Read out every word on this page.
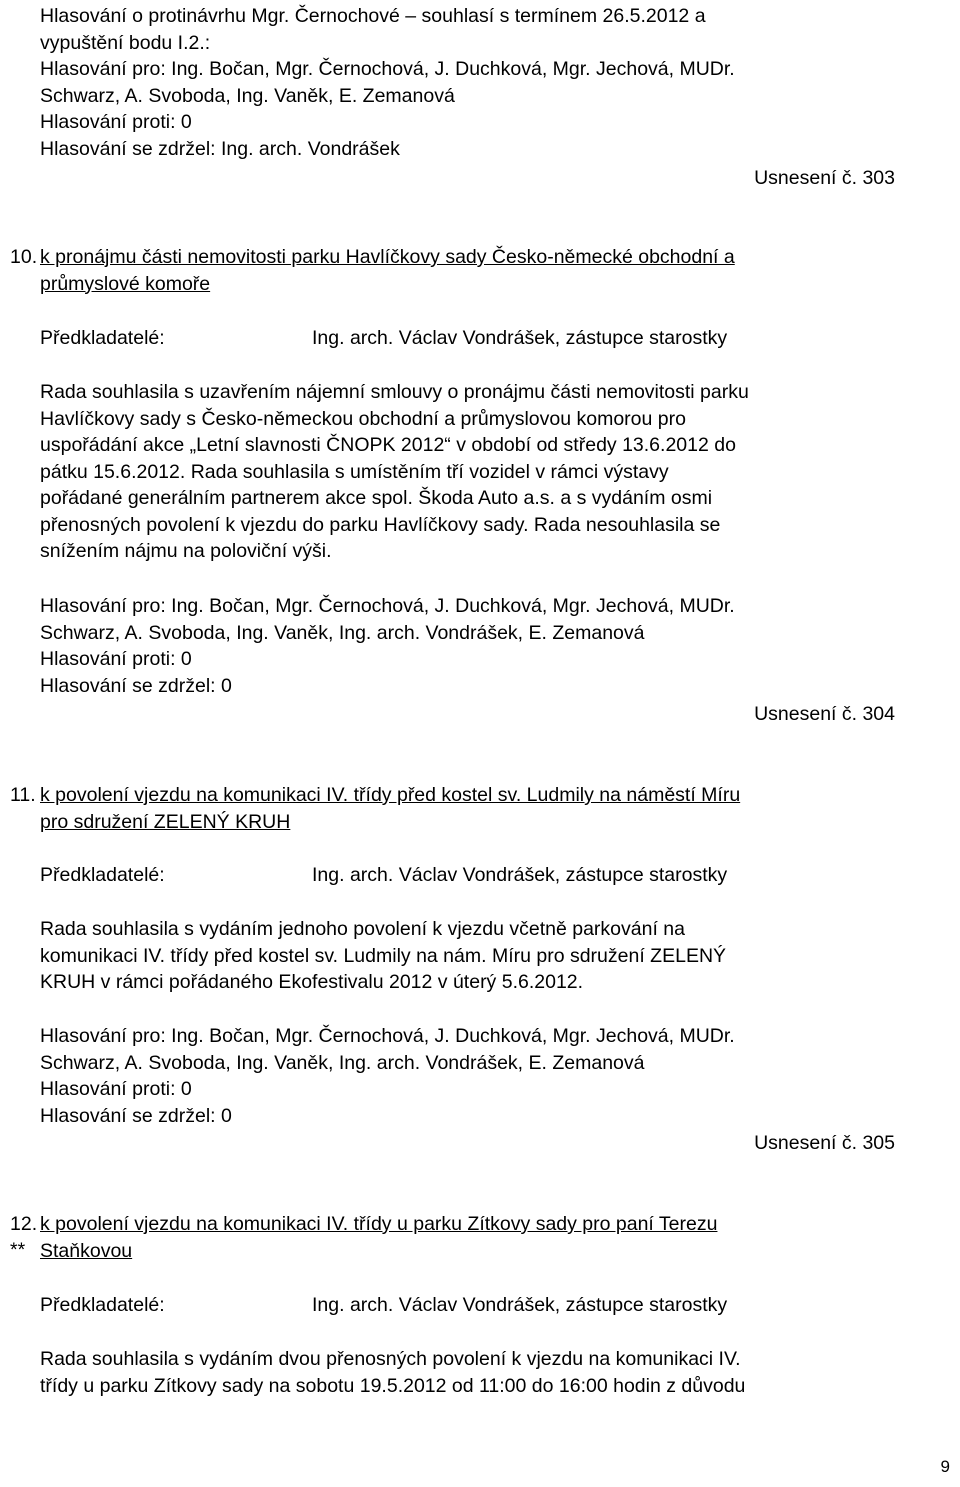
Hlasování o protinávrhu Mgr. Černochové – souhlasí s termínem 26.5.2012 a
vypuštění bodu I.2.:
Hlasování pro: Ing. Bočan, Mgr. Černochová, J. Duchková, Mgr. Jechová, MUDr.
Schwarz, A. Svoboda, Ing. Vaněk, E. Zemanová
Hlasování proti: 0
Hlasování se zdržel: Ing. arch. Vondrášek
Usnesení č. 303
10. k pronájmu části nemovitosti parku Havlíčkovy sady Česko-německé obchodní a
průmyslové komoře
Předkladatelé:	Ing. arch. Václav Vondrášek, zástupce starostky
Rada souhlasila s uzavřením nájemní smlouvy o pronájmu části nemovitosti parku
Havlíčkovy sady s Česko-německou obchodní a průmyslovou komorou pro
uspořádání akce „Letní slavnosti ČNOPK 2012“ v období od středy 13.6.2012 do
pátku 15.6.2012. Rada souhlasila s umístěním tří vozidel v rámci výstavy
pořádané generálním partnerem akce spol. Škoda Auto a.s. a s vydáním osmi
přenosných povolení k vjezdu do parku Havlíčkovy sady. Rada nesouhlasila se
snížením nájmu na poloviční výši.
Hlasování pro: Ing. Bočan, Mgr. Černochová, J. Duchková, Mgr. Jechová, MUDr.
Schwarz, A. Svoboda, Ing. Vaněk, Ing. arch. Vondrášek, E. Zemanová
Hlasování proti: 0
Hlasování se zdržel: 0
Usnesení č. 304
11. k povolení vjezdu na komunikaci IV. třídy před kostel sv. Ludmily na náměstí Míru
pro sdružení ZELENÝ KRUH
Předkladatelé:	Ing. arch. Václav Vondrášek, zástupce starostky
Rada souhlasila s vydáním jednoho povolení k vjezdu včetně parkování na
komunikaci IV. třídy před kostel sv. Ludmily na nám. Míru pro sdružení ZELENÝ
KRUH v rámci pořádaného Ekofestivalu 2012 v úterý 5.6.2012.
Hlasování pro: Ing. Bočan, Mgr. Černochová, J. Duchková, Mgr. Jechová, MUDr.
Schwarz, A. Svoboda, Ing. Vaněk, Ing. arch. Vondrášek, E. Zemanová
Hlasování proti: 0
Hlasování se zdržel: 0
Usnesení č. 305
12.
**
k povolení vjezdu na komunikaci IV. třídy u parku Zítkovy sady pro paní Terezu
Staňkovou
Předkladatelé:	Ing. arch. Václav Vondrášek, zástupce starostky
Rada souhlasila s vydáním dvou přenosných povolení k vjezdu na komunikaci IV.
třídy u parku Zítkovy sady na sobotu 19.5.2012 od 11:00 do 16:00 hodin z důvodu
9
